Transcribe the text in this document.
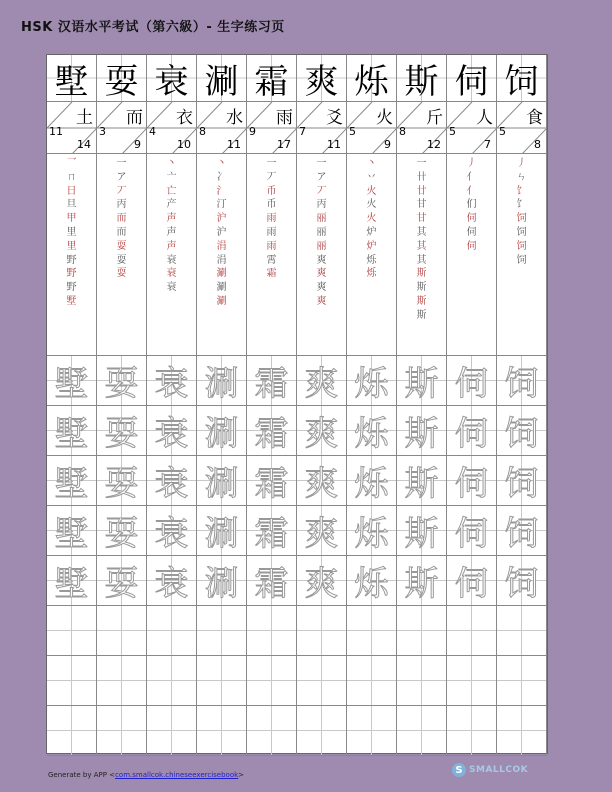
HSK 汉语水平考试（第六級）- 生字练习页
墅
土
11
14
乛
ㄇ
日
旦
甲
里
里
野
野
野
墅
墅
墅
墅
墅
墅
耍
而
3
9
一
ア
丆
丙
而
而
耍
耍
耍
耍
耍
耍
耍
耍
衰
衣
4
10
丶
亠
亡
产
声
声
声
衰
衰
衰
衰
衰
衰
衰
衰
涮
水
8
11
丶
冫
氵
汀
沪
沪
涓
涓
涮
涮
涮
涮
涮
涮
涮
涮
霜
雨
9
17
一
丆
币
币
雨
雨
雨
霄
霜
霜
霜
霜
霜
霜
爽
爻
7
11
一
ア
丆
丙
丽
丽
丽
爽
爽
爽
爽
爽
爽
爽
爽
爽
烁
火
5
9
丶
丷
火
火
火
炉
炉
烁
烁
烁
烁
烁
烁
烁
斯
斤
8
12
一
卄
廿
甘
甘
其
其
其
斯
斯
斯
斯
斯
斯
斯
斯
斯
伺
人
5
7
丿
亻
亻
们
伺
伺
伺
伺
伺
伺
伺
伺
饲
食
5
8
丿
ㄣ
饣
饣
饲
饲
饲
饲
饲
饲
饲
饲
饲
Generate by APP <com.smallcok.chineseexercisebook>	S SMALLCOK
